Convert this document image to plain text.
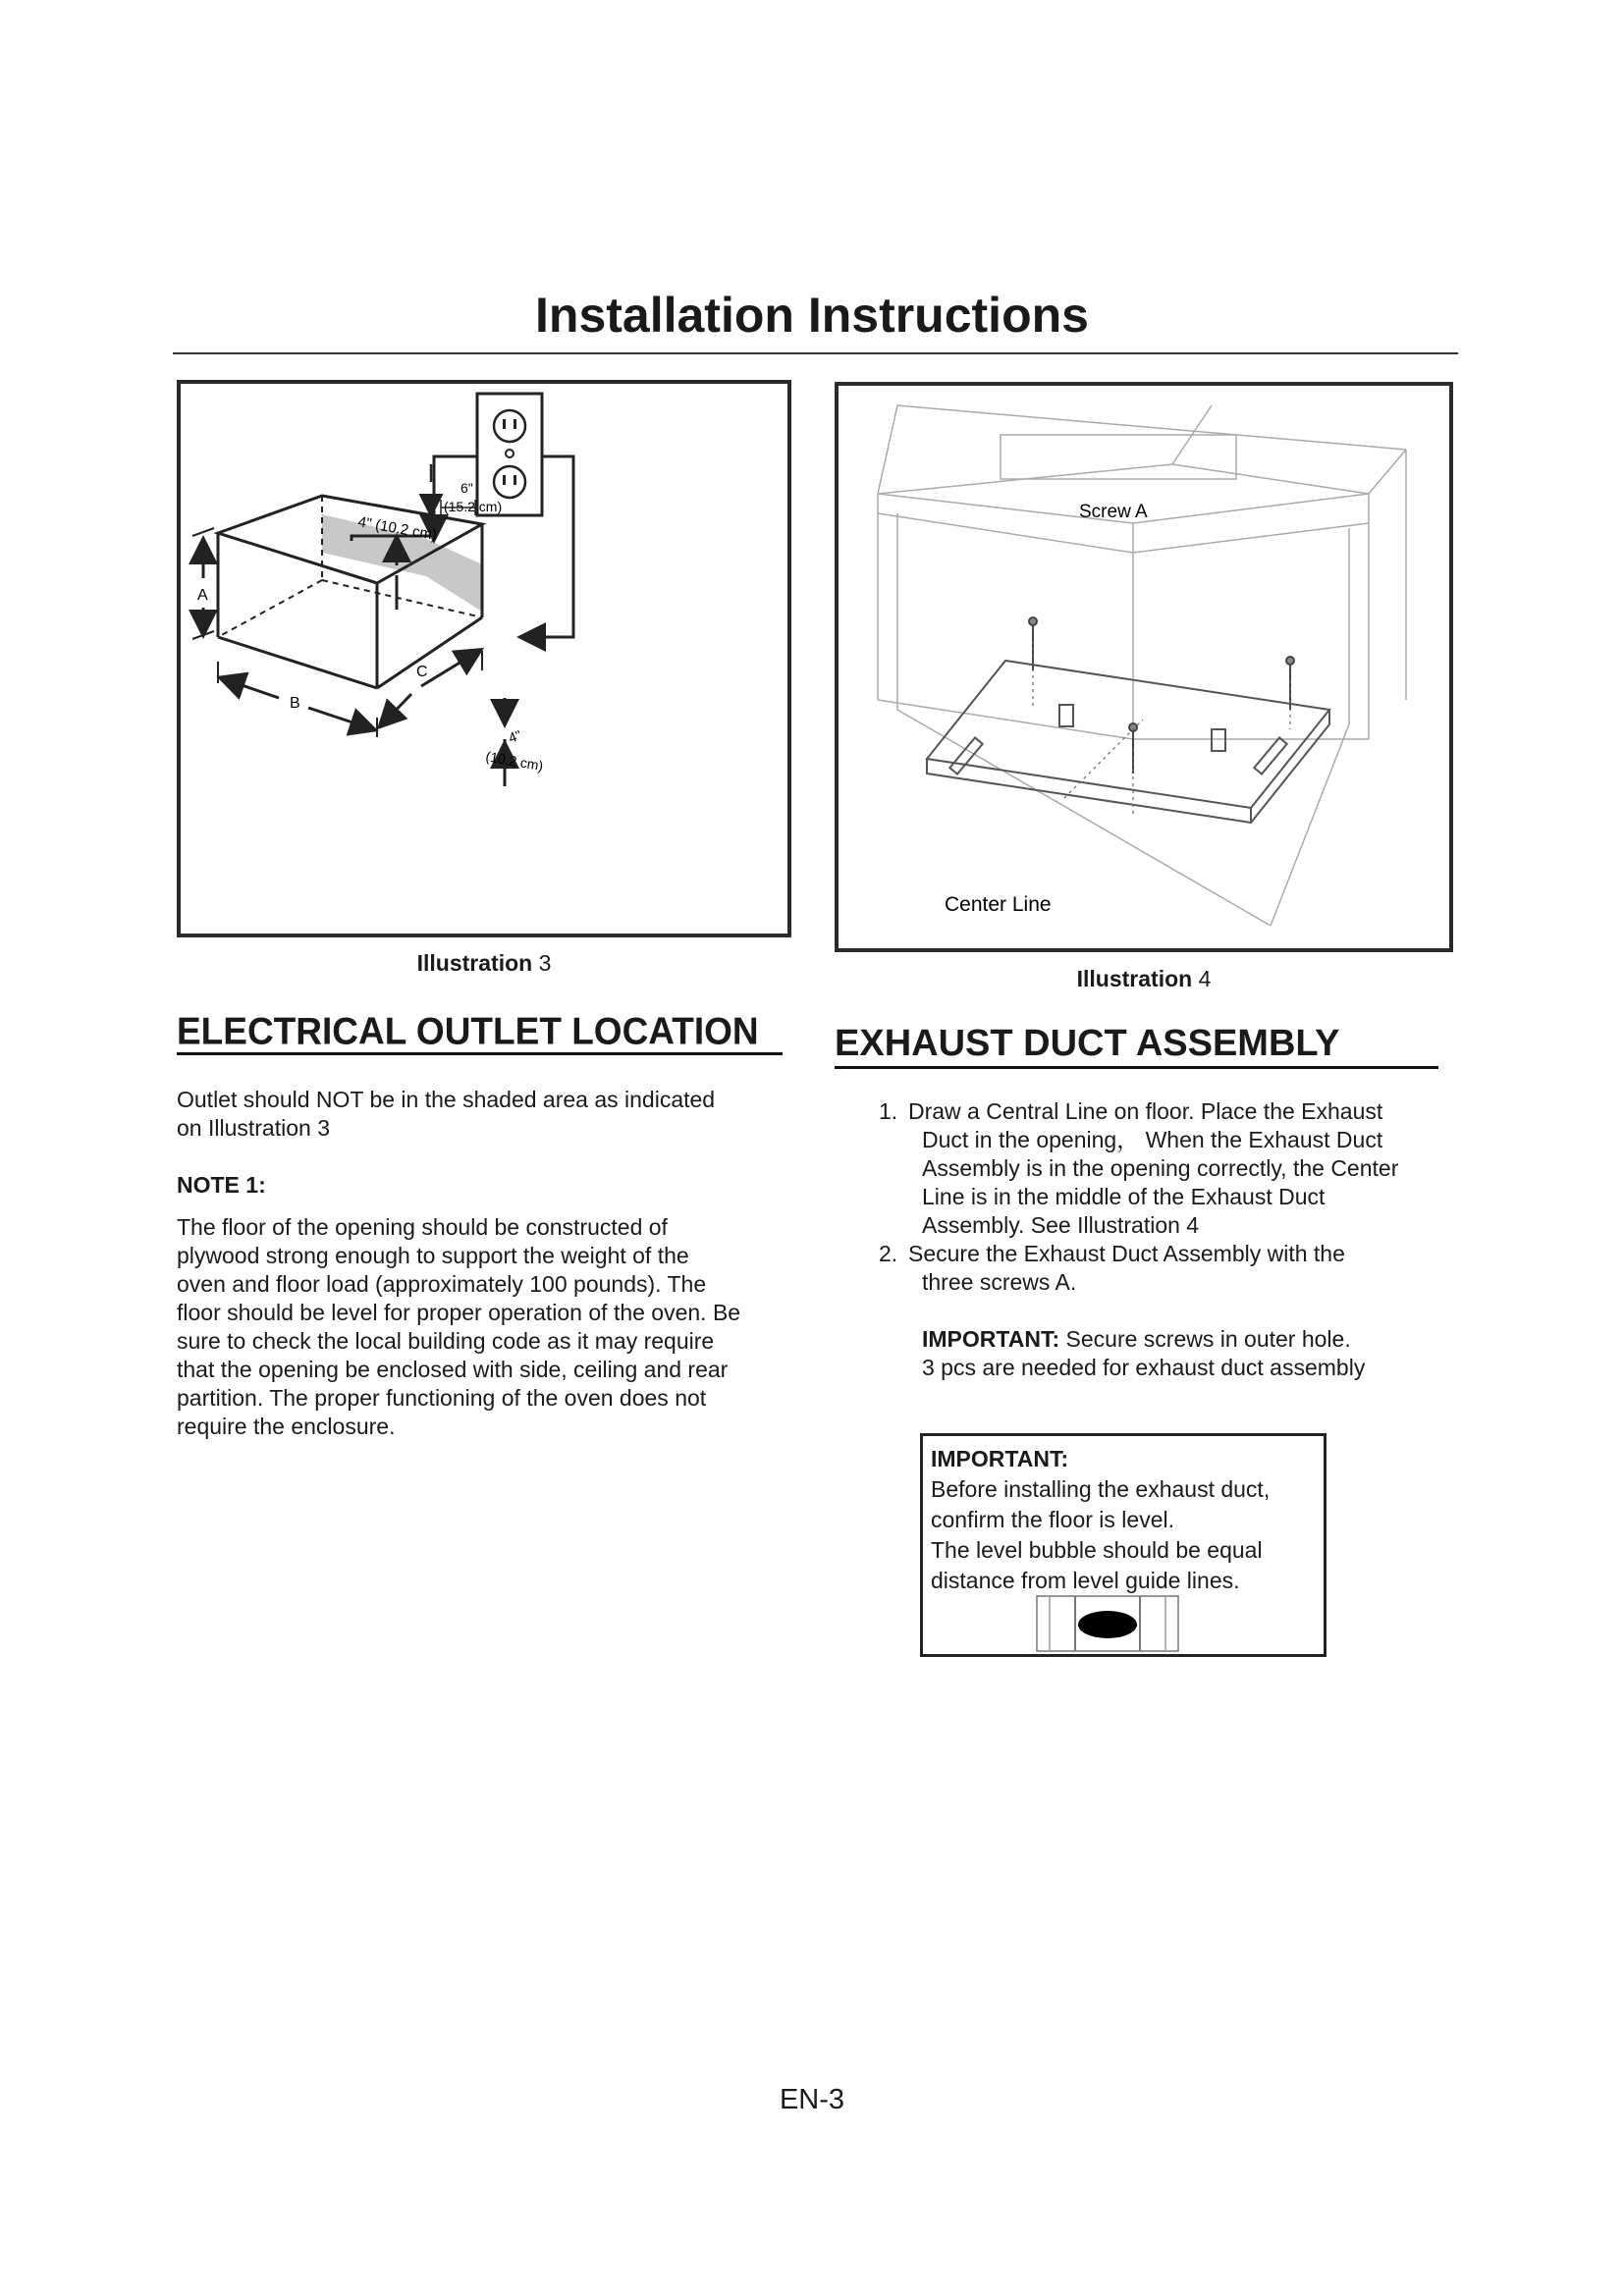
Installation Instructions
6"
(15.2 cm)
4" (10.2 cm)
4"
(10.2 cm)
A
B
C
Illustration 3
Screw A
Center Line
Illustration 4
ELECTRICAL OUTLET LOCATION

Outlet should NOT be in the shaded area as indicated

on Illustration 3

NOTE 1:

The floor of the opening should be constructed of

plywood strong enough to support the weight of the

oven and floor load (approximately 100 pounds). The

floor should be level for proper operation of the oven. Be

sure to check the local building code as it may require

that the opening be enclosed with side, ceiling and rear

partition. The proper functioning of the oven does not

require the enclosure.

EXHAUST DUCT ASSEMBLY
1. Draw a Central Line on floor. Place the Exhaust

Duct in the opening， When the Exhaust Duct

Assembly is in the opening correctly, the Center

Line is in the middle of the Exhaust Duct

Assembly. See Illustration 4

2. Secure the Exhaust Duct Assembly with the

three screws A.

IMPORTANT: Secure screws in outer hole.

3 pcs are needed for exhaust duct assembly

IMPORTANT:

Before installing the exhaust duct,

confirm the floor is level.

The level bubble should be equal

distance from level guide lines.

EN-3
